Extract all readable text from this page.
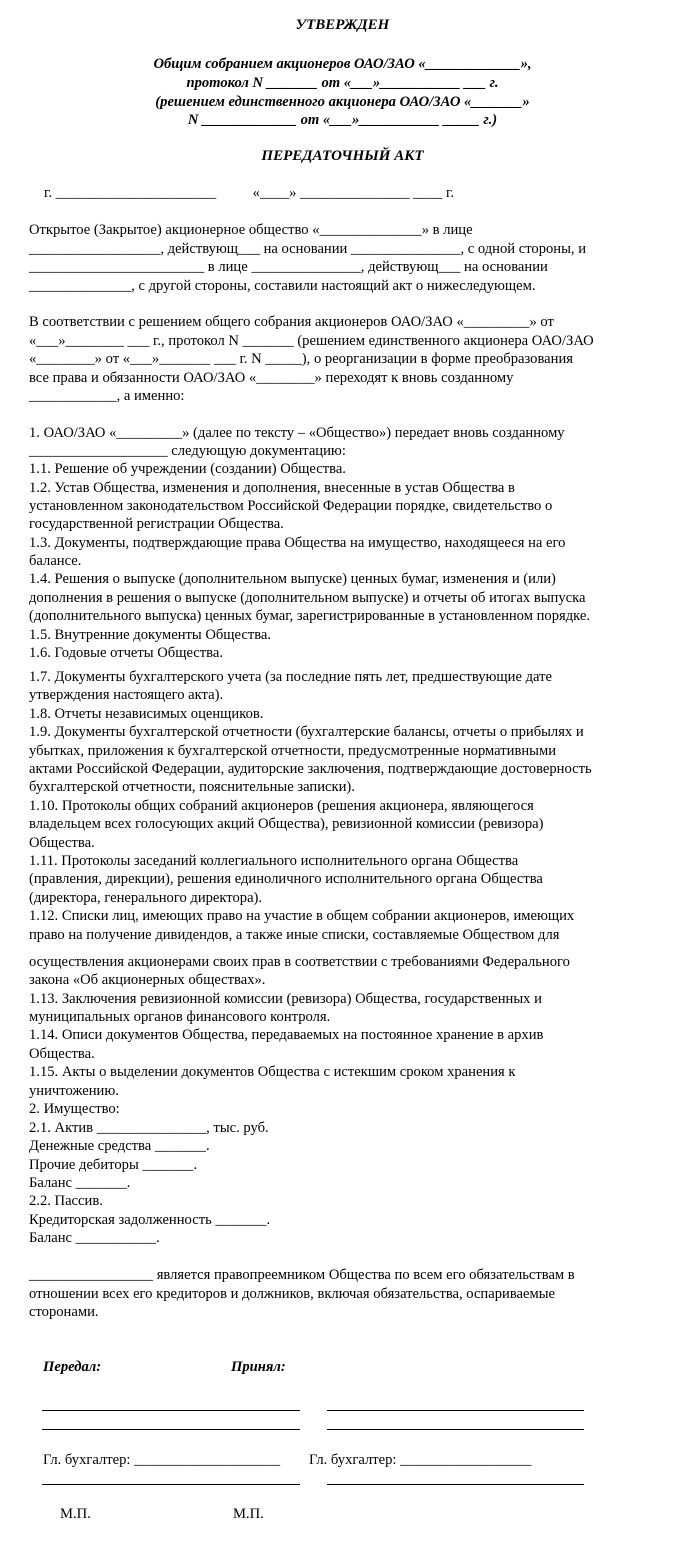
УТВЕРЖДЕН
Общим собранием акционеров ОАО/ЗАО «_____________»,
протокол N _______ от «___»___________ ___ г.
(решением единственного акционера ОАО/ЗАО «_______»
N _____________ от «___»___________ _____ г.)
ПЕРЕДАТОЧНЫЙ АКТ
г. ______________________          «____» _______________ ____ г.
Открытое (Закрытое) акционерное общество «______________» в лице
__________________, действующ___ на основании _______________, с одной стороны, и
________________________ в лице _______________, действующ___ на основании
______________, с другой стороны, составили настоящий акт о нижеследующем.
В соответствии с решением общего собрания акционеров ОАО/ЗАО «_________» от
«___»________ ___ г., протокол N _______ (решением единственного акционера ОАО/ЗАО
«________» от «___»_______ ___ г. N _____), о реорганизации в форме преобразования
все права и обязанности ОАО/ЗАО «________» переходят к вновь созданному
____________, а именно:
1. ОАО/ЗАО «_________» (далее по тексту – «Общество») передает вновь созданному
___________________ следующую документацию:
1.1. Решение об учреждении (создании) Общества.
1.2. Устав Общества, изменения и дополнения, внесенные в устав Общества в
установленном законодательством Российской Федерации порядке, свидетельство о
государственной регистрации Общества.
1.3. Документы, подтверждающие права Общества на имущество, находящееся на его
балансе.
1.4. Решения о выпуске (дополнительном выпуске) ценных бумаг, изменения и (или)
дополнения в решения о выпуске (дополнительном выпуске) и отчеты об итогах выпуска
(дополнительного выпуска) ценных бумаг, зарегистрированные в установленном порядке.
1.5. Внутренние документы Общества.
1.6. Годовые отчеты Общества.
1.7. Документы бухгалтерского учета (за последние пять лет, предшествующие дате
утверждения настоящего акта).
1.8. Отчеты независимых оценщиков.
1.9. Документы бухгалтерской отчетности (бухгалтерские балансы, отчеты о прибылях и
убытках, приложения к бухгалтерской отчетности, предусмотренные нормативными
актами Российской Федерации, аудиторские заключения, подтверждающие достоверность
бухгалтерской отчетности, пояснительные записки).
1.10. Протоколы общих собраний акционеров (решения акционера, являющегося
владельцем всех голосующих акций Общества), ревизионной комиссии (ревизора)
Общества.
1.11. Протоколы заседаний коллегиального исполнительного органа Общества
(правления, дирекции), решения единоличного исполнительного органа Общества
(директора, генерального директора).
1.12. Списки лиц, имеющих право на участие в общем собрании акционеров, имеющих
право на получение дивидендов, а также иные списки, составляемые Обществом для
осуществления акционерами своих прав в соответствии с требованиями Федерального
закона «Об акционерных обществах».
1.13. Заключения ревизионной комиссии (ревизора) Общества, государственных и
муниципальных органов финансового контроля.
1.14. Описи документов Общества, передаваемых на постоянное хранение в архив
Общества.
1.15. Акты о выделении документов Общества с истекшим сроком хранения к
уничтожению.
2. Имущество:
2.1. Актив _______________, тыс. руб.
Денежные средства _______.
Прочие дебиторы _______.
Баланс _______.
2.2. Пассив.
Кредиторская задолженность _______.
Баланс ___________.
_________________ является правопреемником Общества по всем его обязательствам в
отношении всех его кредиторов и должников, включая обязательства, оспариваемые
сторонами.
Передал:	Принял:
Гл. бухгалтер: ____________________ Гл. бухгалтер: __________________
М.П.	М.П.
